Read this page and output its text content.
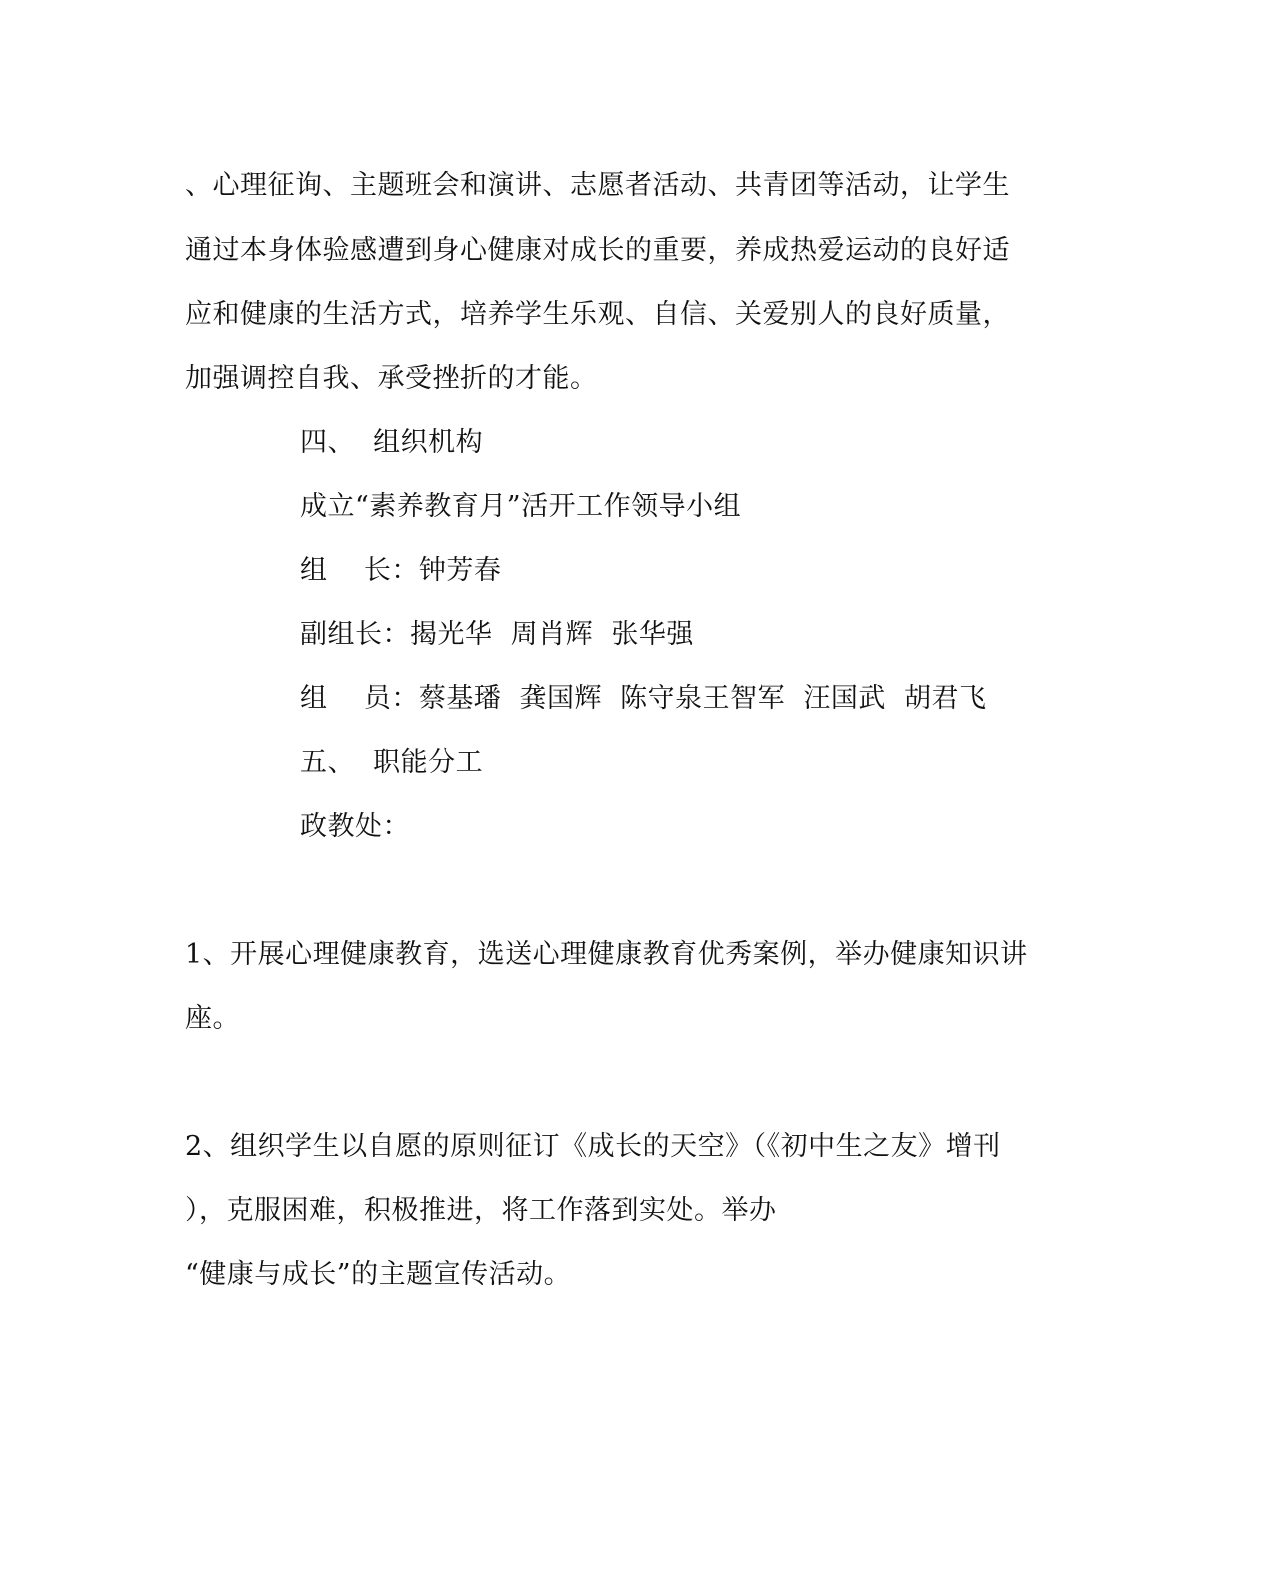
、心理征询、主题班会和演讲、志愿者活动、共青团等活动，让学生
通过本身体验感遭到身心健康对成长的重要，养成热爱运动的良好适
应和健康的生活方式，培养学生乐观、自信、关爱别人的良好质量，
加强调控自我、承受挫折的才能。
四、  组织机构
成立“素养教育月”活开工作领导小组
组    长：钟芳春
副组长：揭光华  周肖辉  张华强
组    员：蔡基璠  龚国辉  陈守泉王智军  汪国武  胡君飞
五、  职能分工
政教处：
1、开展心理健康教育，选送心理健康教育优秀案例，举办健康知识讲
座。
2、组织学生以自愿的原则征订《成长的天空》（《初中生之友》增刊
），克服困难，积极推进，将工作落到实处。举办
“健康与成长”的主题宣传活动。
